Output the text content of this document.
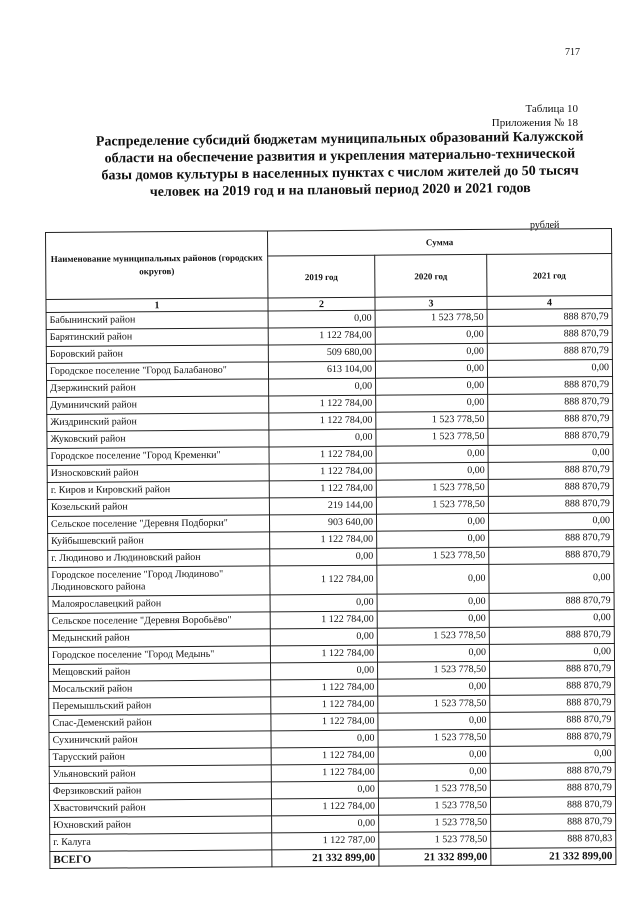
717
Таблица 10
Приложения № 18
Распределение субсидий бюджетам муниципальных образований Калужской области на обеспечение развития и укрепления материально-технической базы домов культуры в населенных пунктах с числом жителей до 50 тысяч человек на 2019 год и на плановый период 2020 и 2021 годов
рублей
Наименование муниципальных районов (городских округов)	Сумма		
	2019 год	2020 год	2021 год
1	2	3	4
Бабынинский район	0,00	1 523 778,50	888 870,79
Барятинский район	1 122 784,00	0,00	888 870,79
Боровский район	509 680,00	0,00	888 870,79
Городское поселение "Город Балабаново"	613 104,00	0,00	0,00
Дзержинский район	0,00	0,00	888 870,79
Думиничский район	1 122 784,00	0,00	888 870,79
Жиздринский район	1 122 784,00	1 523 778,50	888 870,79
Жуковский район	0,00	1 523 778,50	888 870,79
Городское поселение "Город Кременки"	1 122 784,00	0,00	0,00
Износковский район	1 122 784,00	0,00	888 870,79
г. Киров и Кировский район	1 122 784,00	1 523 778,50	888 870,79
Козельский район	219 144,00	1 523 778,50	888 870,79
Сельское поселение "Деревня Подборки"	903 640,00	0,00	0,00
Куйбышевский район	1 122 784,00	0,00	888 870,79
г. Людиново и Людиновский район	0,00	1 523 778,50	888 870,79
Городское поселение "Город Людиново" Людиновского района	1 122 784,00	0,00	0,00
Малоярославецкий район	0,00	0,00	888 870,79
Сельское поселение "Деревня Воробьёво"	1 122 784,00	0,00	0,00
Медынский район	0,00	1 523 778,50	888 870,79
Городское поселение "Город Медынь"	1 122 784,00	0,00	0,00
Мещовский район	0,00	1 523 778,50	888 870,79
Мосальский район	1 122 784,00	0,00	888 870,79
Перемышльский район	1 122 784,00	1 523 778,50	888 870,79
Спас-Деменский район	1 122 784,00	0,00	888 870,79
Сухиничский район	0,00	1 523 778,50	888 870,79
Тарусский район	1 122 784,00	0,00	0,00
Ульяновский район	1 122 784,00	0,00	888 870,79
Ферзиковский район	0,00	1 523 778,50	888 870,79
Хвастовичский район	1 122 784,00	1 523 778,50	888 870,79
Юхновский район	0,00	1 523 778,50	888 870,79
г. Калуга	1 122 787,00	1 523 778,50	888 870,83
ВСЕГО	21 332 899,00	21 332 899,00	21 332 899,00
